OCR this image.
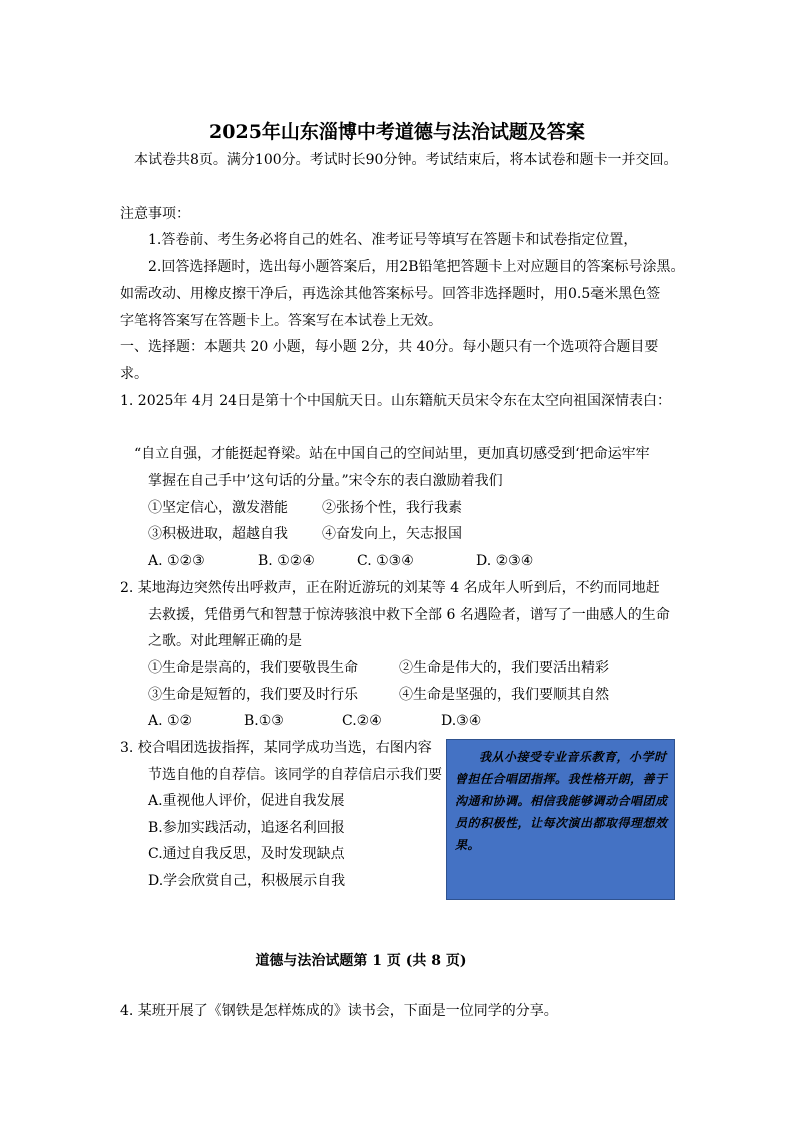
2025年山东淄博中考道德与法治试题及答案
本试卷共8页。满分100分。考试时长90分钟。考试结束后，将本试卷和题卡一并交回。
注意事项：
1.答卷前、考生务必将自己的姓名、准考证号等填写在答题卡和试卷指定位置，
2.回答选择题时，选出每小题答案后，用2B铅笔把答题卡上对应题目的答案标号涂黑。
如需改动、用橡皮擦干净后，再选涂其他答案标号。回答非选择题时，用0.5毫米黑色签
字笔将答案写在答题卡上。答案写在本试卷上无效。
一、选择题：本题共 20 小题，每小题 2分，共 40分。每小题只有一个选项符合题目要
求。
1. 2025年 4月 24日是第十个中国航天日。山东籍航天员宋令东在太空向祖国深情表白：
“自立自强，才能挺起脊梁。站在中国自己的空间站里，更加真切感受到‘把命运牢牢
掌握在自己手中’这句话的分量。”宋令东的表白激励着我们
①坚定信心，激发潜能 ②张扬个性，我行我素
③积极进取，超越自我 ④奋发向上，矢志报国
A. ①②③	B. ①②④	C. ①③④	D. ②③④
2. 某地海边突然传出呼救声，正在附近游玩的刘某等 4 名成年人听到后，不约而同地赶
去救援，凭借勇气和智慧于惊涛骇浪中救下全部 6 名遇险者，谱写了一曲感人的生命
之歌。对此理解正确的是
①生命是崇高的，我们要敬畏生命	②生命是伟大的，我们要活出精彩
③生命是短暂的，我们要及时行乐	④生命是坚强的，我们要顺其自然
A. ①②	B.①③	C.②④	D.③④
3. 校合唱团选拔指挥，某同学成功当选，右图内容
节选自他的自荐信。该同学的自荐信启示我们要
A.重视他人评价，促进自我发展
B.参加实践活动，追逐名利回报
C.通过自我反思，及时发现缺点
D.学会欣赏自己，积极展示自我
我从小接受专业音乐教育，小学时曾担任合唱团指挥。我性格开朗，善于沟通和协调。相信我能够调动合唱团成员的积极性，让每次演出都取得理想效果。
道德与法治试题第 1 页 (共 8 页)
4. 某班开展了《钢铁是怎样炼成的》读书会，下面是一位同学的分享。
